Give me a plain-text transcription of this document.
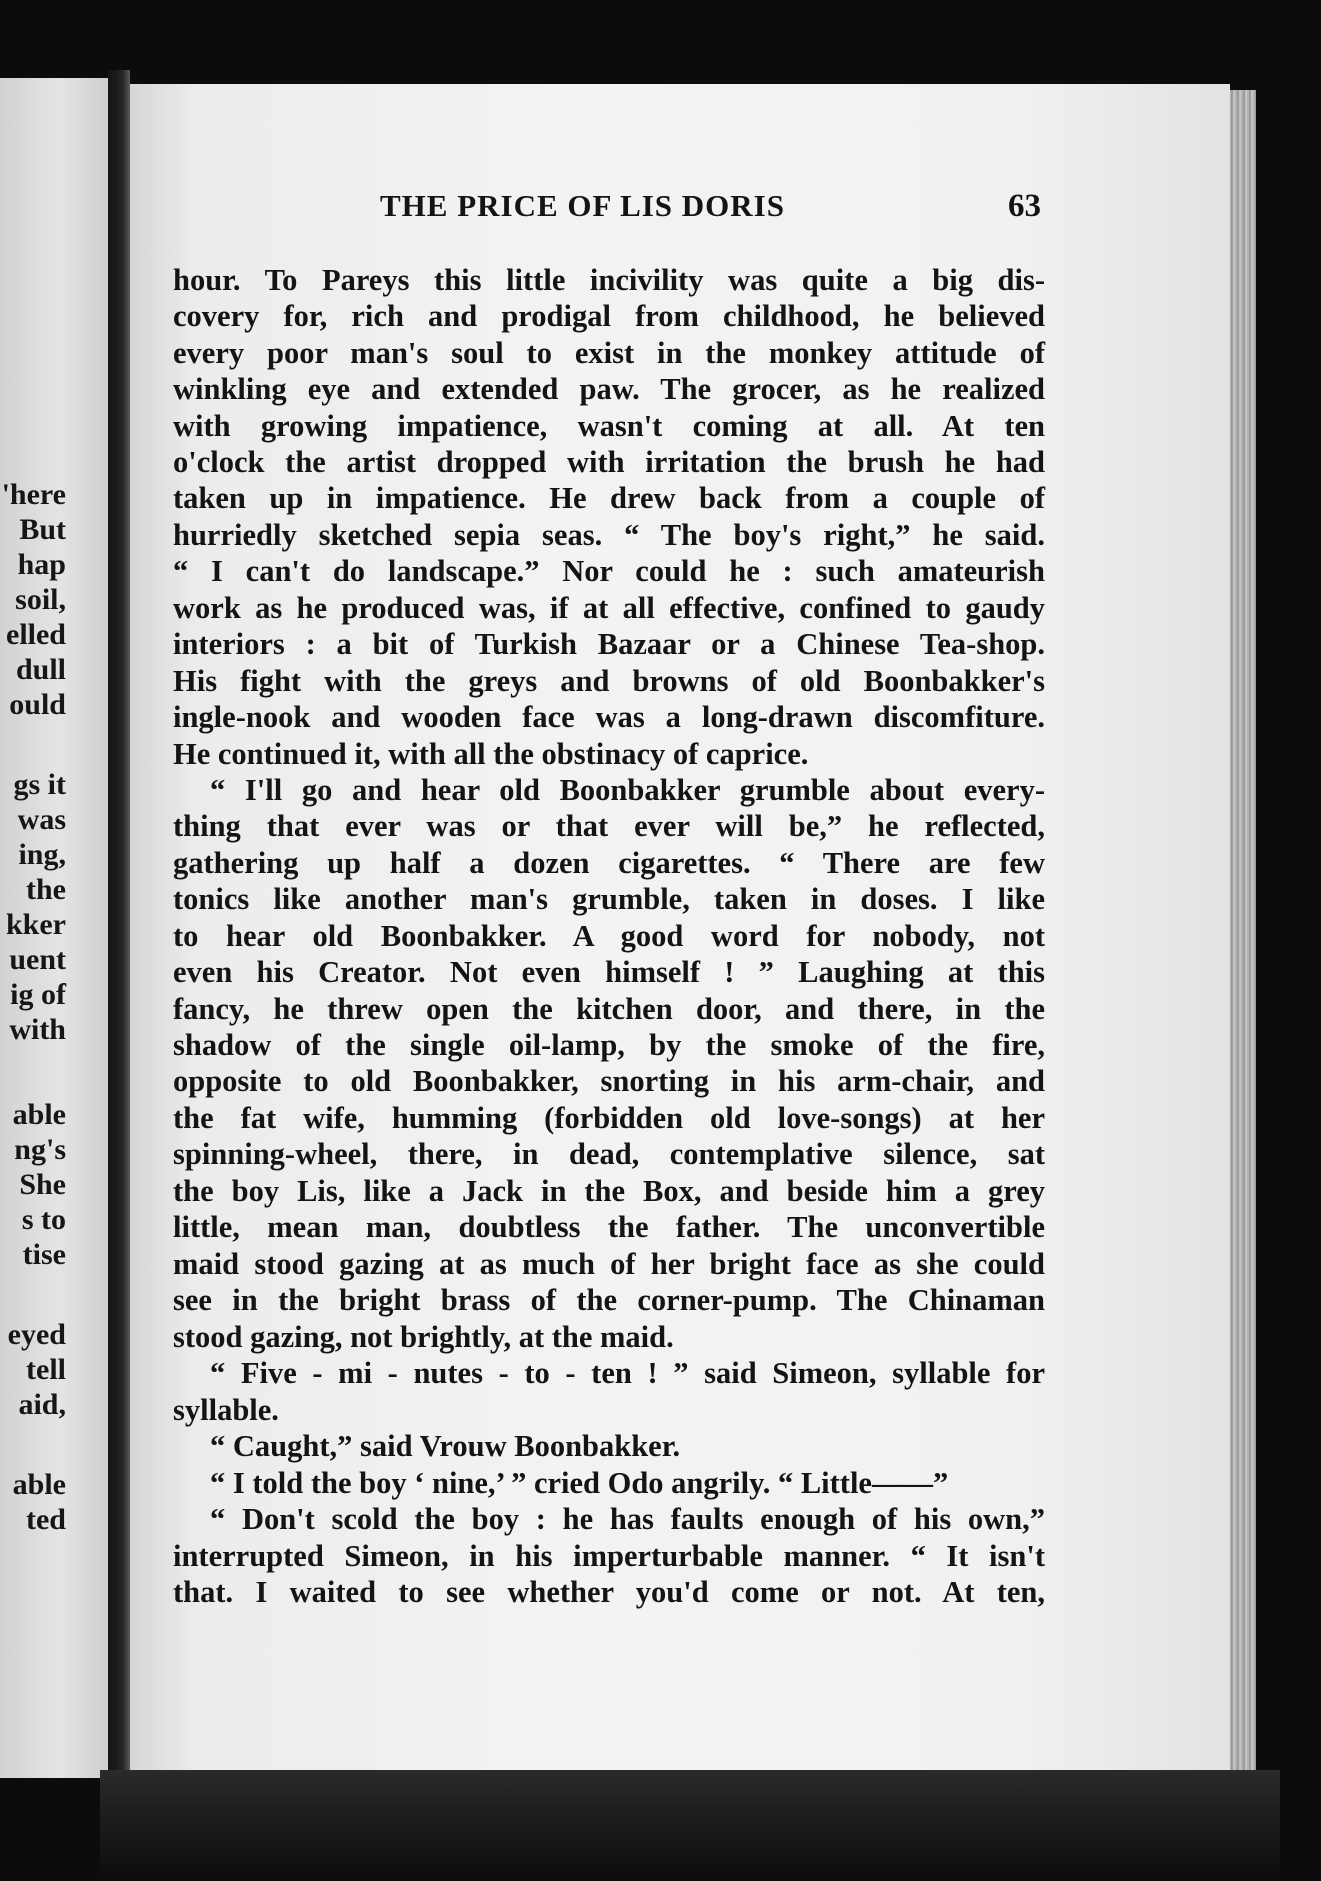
'here

But

hap

soil,

elled

dull

ould

gs it

was

ing,

the

kker

uent

ig of

with

able

ng's

She

s to

tise

eyed

tell

aid,

able

ted

THE PRICE OF LIS DORIS	63

hour. To Pareys this little incivility was quite a big dis-

covery for, rich and prodigal from childhood, he believed

every poor man's soul to exist in the monkey attitude of

winkling eye and extended paw. The grocer, as he realized

with growing impatience, wasn't coming at all. At ten

o'clock the artist dropped with irritation the brush he had

taken up in impatience. He drew back from a couple of

hurriedly sketched sepia seas. “ The boy's right,” he said.

“ I can't do landscape.” Nor could he : such amateurish

work as he produced was, if at all effective, confined to gaudy

interiors : a bit of Turkish Bazaar or a Chinese Tea-shop.

His fight with the greys and browns of old Boonbakker's

ingle-nook and wooden face was a long-drawn discomfiture.

He continued it, with all the obstinacy of caprice.

“ I'll go and hear old Boonbakker grumble about every-

thing that ever was or that ever will be,” he reflected,

gathering up half a dozen cigarettes. “ There are few

tonics like another man's grumble, taken in doses. I like

to hear old Boonbakker. A good word for nobody, not

even his Creator. Not even himself ! ” Laughing at this

fancy, he threw open the kitchen door, and there, in the

shadow of the single oil-lamp, by the smoke of the fire,

opposite to old Boonbakker, snorting in his arm-chair, and

the fat wife, humming (forbidden old love-songs) at her

spinning-wheel, there, in dead, contemplative silence, sat

the boy Lis, like a Jack in the Box, and beside him a grey

little, mean man, doubtless the father. The unconvertible

maid stood gazing at as much of her bright face as she could

see in the bright brass of the corner-pump. The Chinaman

stood gazing, not brightly, at the maid.

“ Five - mi - nutes - to - ten ! ” said Simeon, syllable for

syllable.

“ Caught,” said Vrouw Boonbakker.

“ I told the boy ‘ nine,’ ” cried Odo angrily. “ Little——”

“ Don't scold the boy : he has faults enough of his own,”

interrupted Simeon, in his imperturbable manner. “ It isn't

that. I waited to see whether you'd come or not. At ten,
